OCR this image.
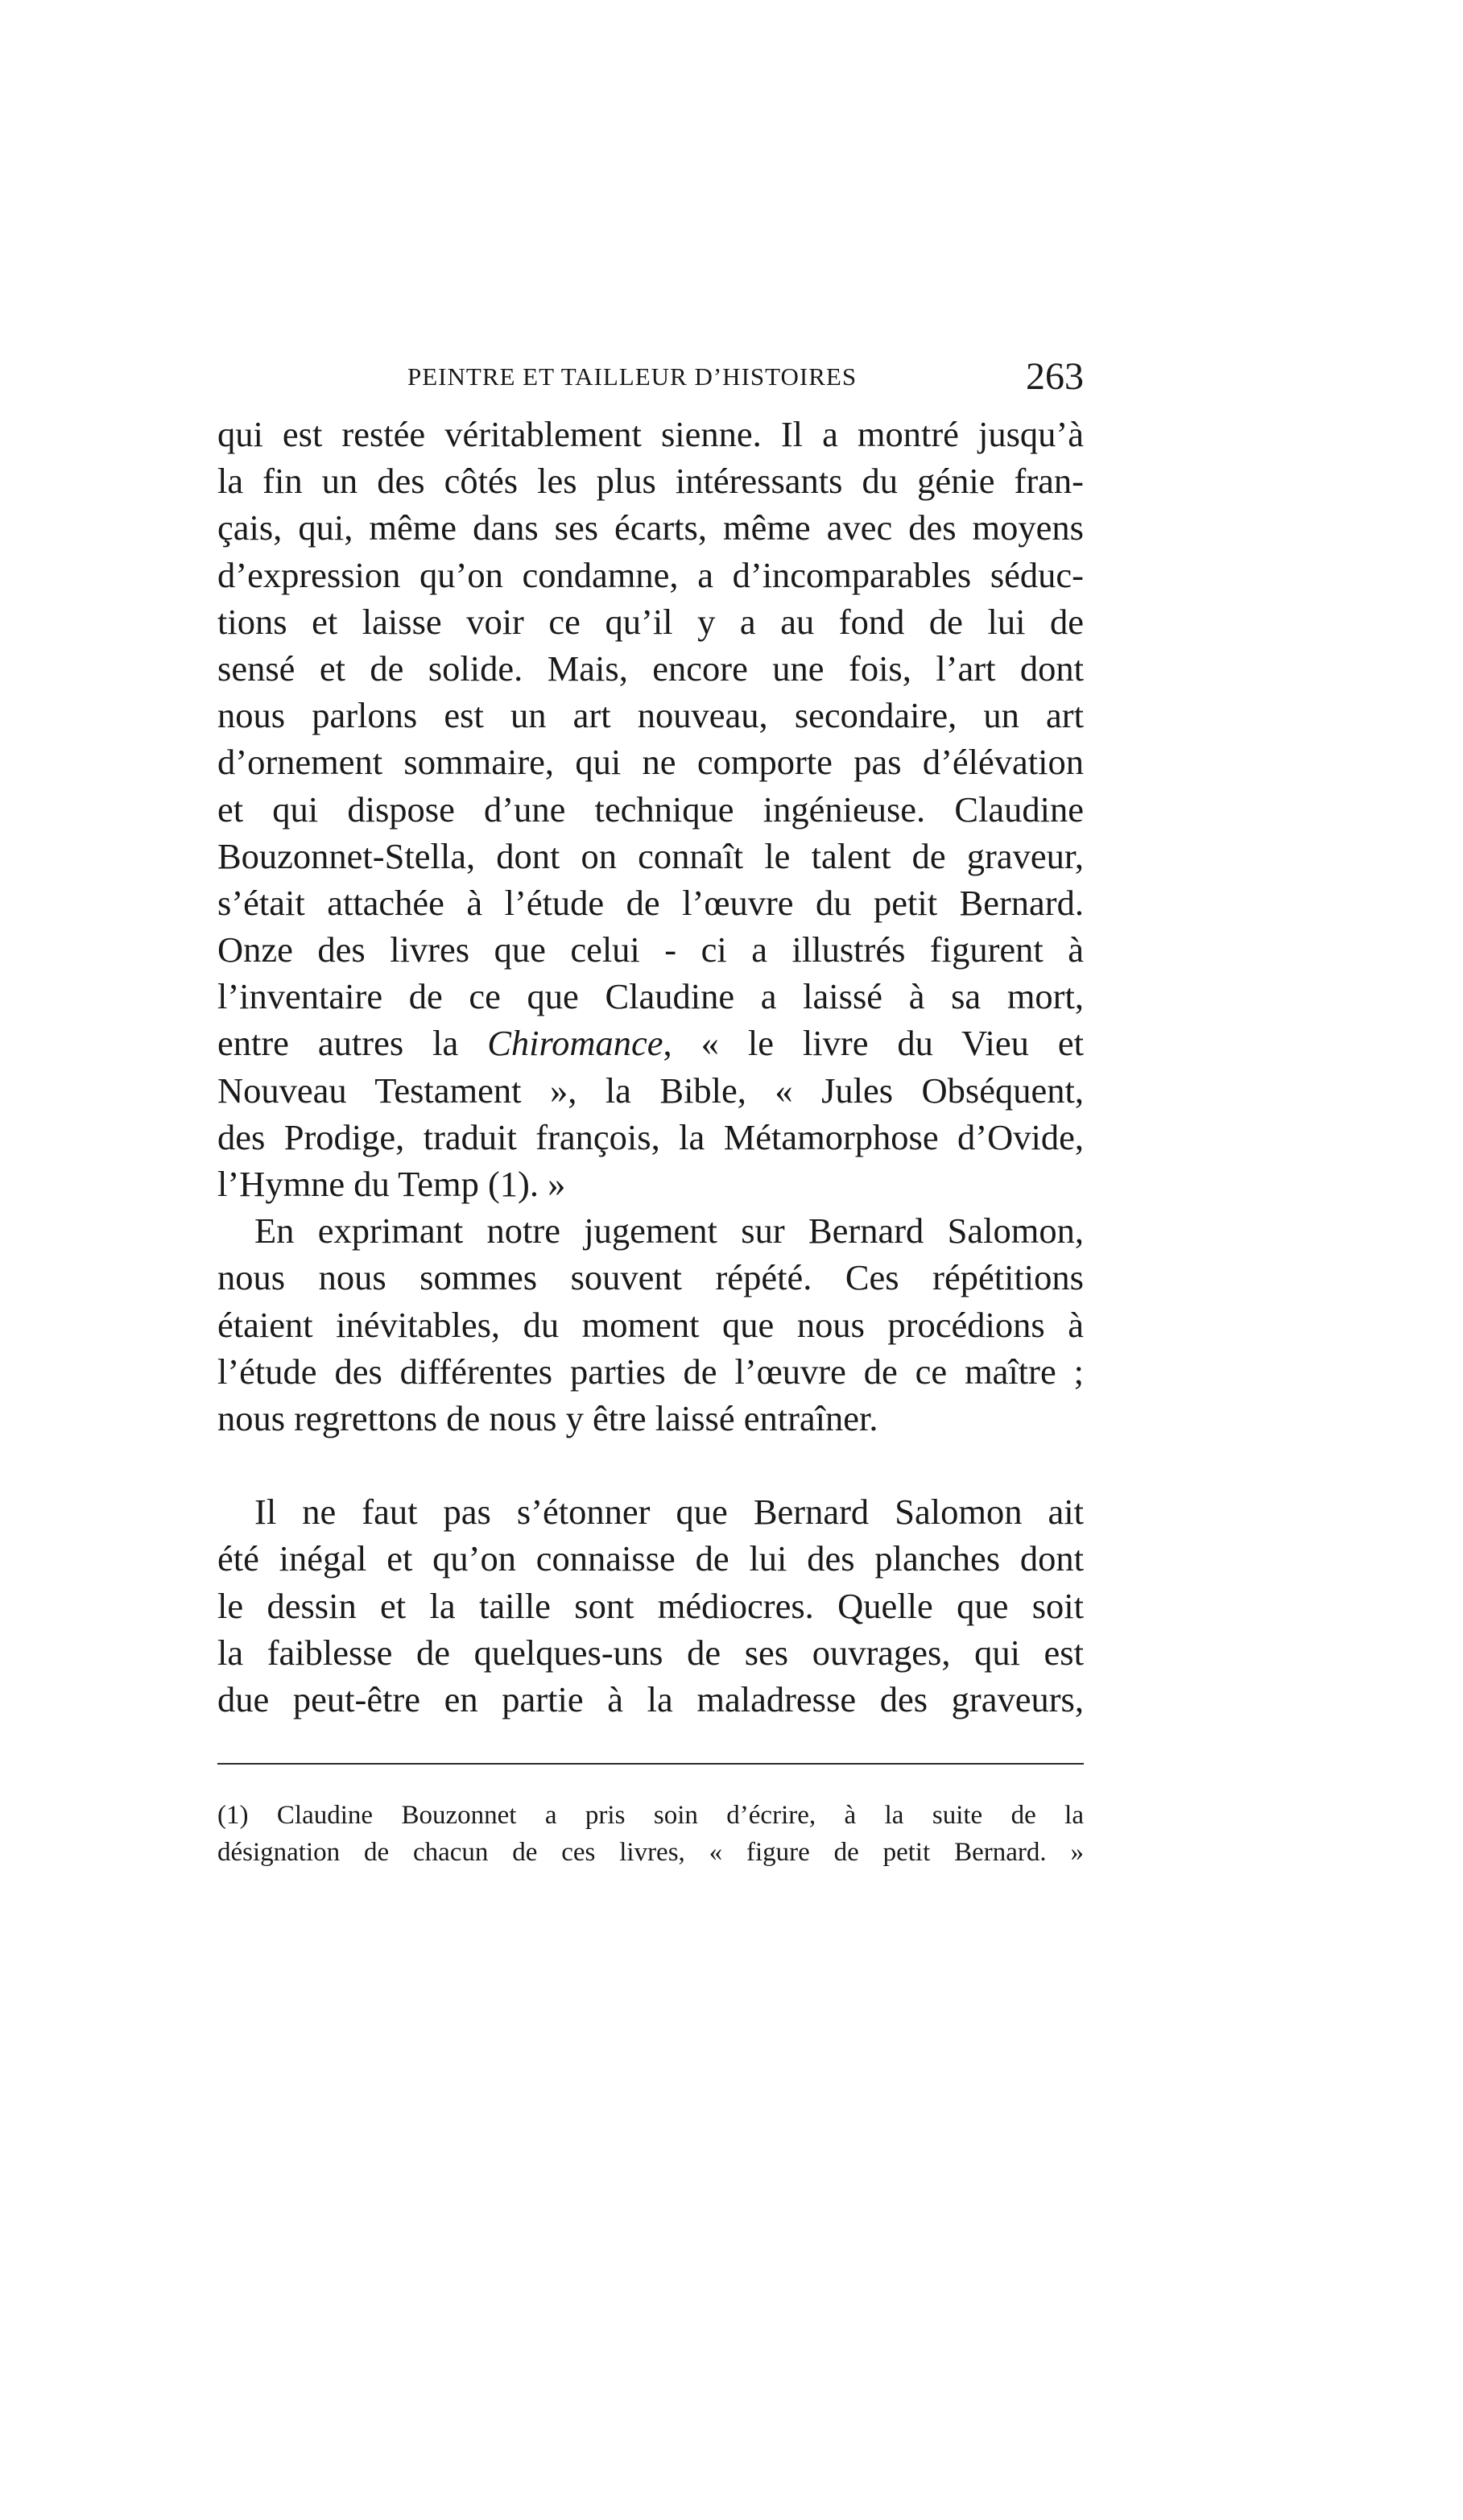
PEINTRE ET TAILLEUR D’HISTOIRES	263
qui est restée véritablement sienne. Il a montré jusqu’à
la fin un des côtés les plus intéressants du génie fran-
çais, qui, même dans ses écarts, même avec des moyens
d’expression qu’on condamne, a d’incomparables séduc-
tions et laisse voir ce qu’il y a au fond de lui de
sensé et de solide. Mais, encore une fois, l’art dont
nous parlons est un art nouveau, secondaire, un art
d’ornement sommaire, qui ne comporte pas d’élévation
et qui dispose d’une technique ingénieuse. Claudine
Bouzonnet-Stella, dont on connaît le talent de graveur,
s’était attachée à l’étude de l’œuvre du petit Bernard.
Onze des livres que celui - ci a illustrés figurent à
l’inventaire de ce que Claudine a laissé à sa mort,
entre autres la Chiromance, « le livre du Vieu et
Nouveau Testament », la Bible, « Jules Obséquent,
des Prodige, traduit françois, la Métamorphose d’Ovide,
l’Hymne du Temp (1). »
En exprimant notre jugement sur Bernard Salomon,
nous nous sommes souvent répété. Ces répétitions
étaient inévitables, du moment que nous procédions à
l’étude des différentes parties de l’œuvre de ce maître ;
nous regrettons de nous y être laissé entraîner.
Il ne faut pas s’étonner que Bernard Salomon ait
été inégal et qu’on connaisse de lui des planches dont
le dessin et la taille sont médiocres. Quelle que soit
la faiblesse de quelques-uns de ses ouvrages, qui est
due peut-être en partie à la maladresse des graveurs,
(1) Claudine Bouzonnet a pris soin d’écrire, à la suite de la
désignation de chacun de ces livres, « figure de petit Bernard. »
